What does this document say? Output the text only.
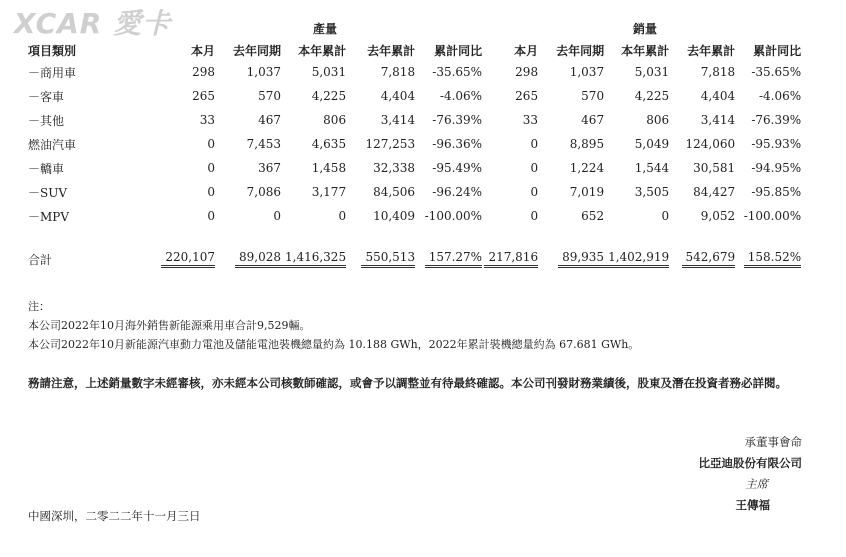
XCAR 愛卡	產量	銷量
項目類別	本月	去年同期	本年累計	去年累計	累計同比	本月	去年同期	本年累計	去年累計	累計同比
－商用車	298	1,037	5,031	7,818	-35.65%	298	1,037	5,031	7,818	-35.65%
－客車	265	570	4,225	4,404	-4.06%	265	570	4,225	4,404	-4.06%
－其他	33	467	806	3,414	-76.39%	33	467	806	3,414	-76.39%
燃油汽車	0	7,453	4,635	127,253	-96.36%	0	8,895	5,049	124,060	-95.93%
－轎車	0	367	1,458	32,338	-95.49%	0	1,224	1,544	30,581	-94.95%
－SUV	0	7,086	3,177	84,506	-96.24%	0	7,019	3,505	84,427	-95.85%
－MPV	0	0	0	10,409	-100.00%	0	652	0	9,052	-100.00%

合計	220,107	89,028	1,416,325	550,513	157.27%	217,816	89,935	1,402,919	542,679	158.52%
注：
本公司2022年10月海外銷售新能源乘用車合計9,529輛。
本公司2022年10月新能源汽車動力電池及儲能電池裝機總量約為 10.188 GWh，2022年累計裝機總量約為 67.681 GWh。
務請注意，上述銷量數字未經審核，亦未經本公司核數師確認，或會予以調整並有待最終確認。本公司刊發財務業績後，股東及潛在投資者務必詳閱。
承董事會命
比亞迪股份有限公司
主席
王傳福
中國深圳，二零二二年十一月三日
